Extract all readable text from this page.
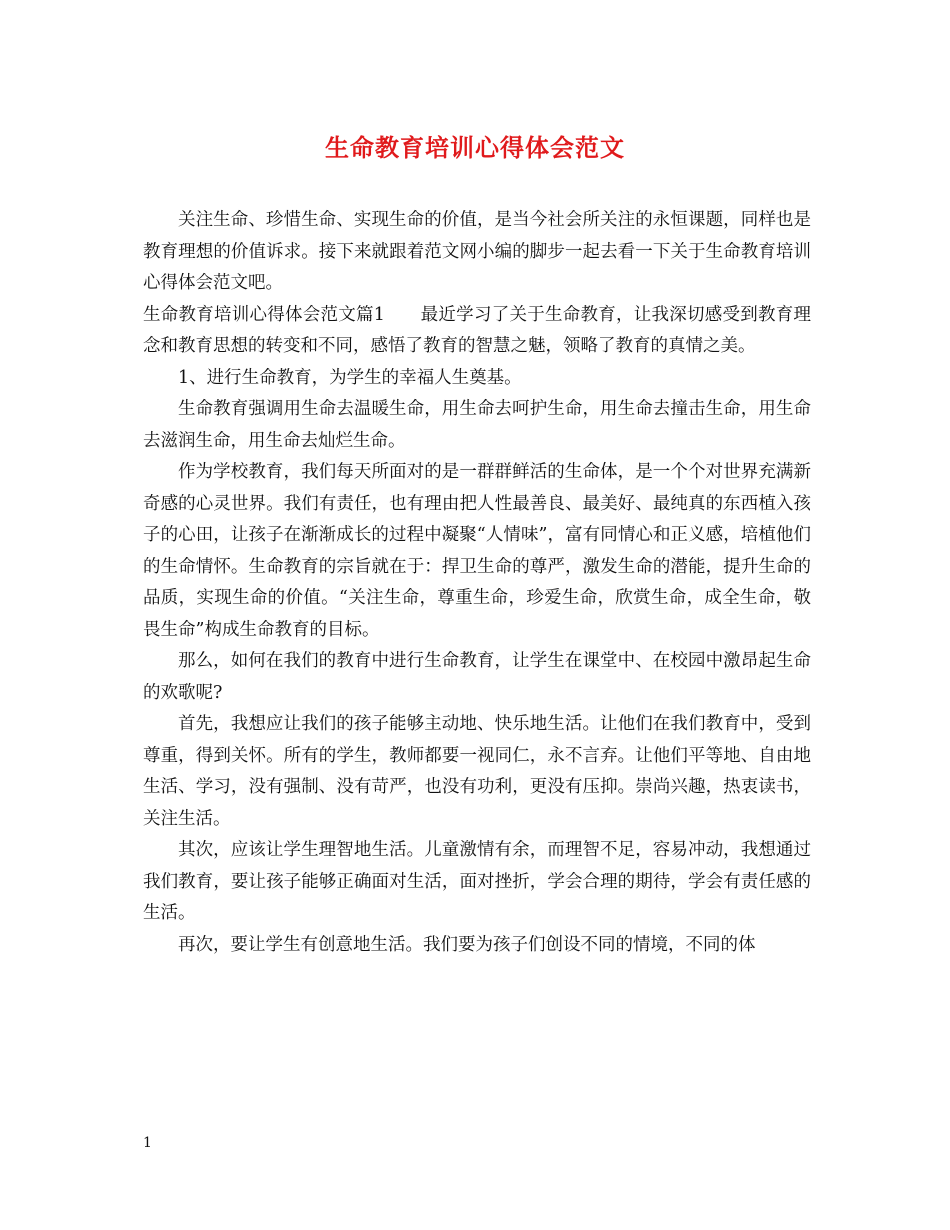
生命教育培训心得体会范文

关注生命、珍惜生命、实现生命的价值，是当今社会所关注的永恒课题，同样也是教育理想的价值诉求。接下来就跟着范文网小编的脚步一起去看一下关于生命教育培训心得体会范文吧。

生命教育培训心得体会范文篇1　　最近学习了关于生命教育，让我深切感受到教育理念和教育思想的转变和不同，感悟了教育的智慧之魅，领略了教育的真情之美。

1、进行生命教育，为学生的幸福人生奠基。

生命教育强调用生命去温暖生命，用生命去呵护生命，用生命去撞击生命，用生命去滋润生命，用生命去灿烂生命。

作为学校教育，我们每天所面对的是一群群鲜活的生命体，是一个个对世界充满新奇感的心灵世界。我们有责任，也有理由把人性最善良、最美好、最纯真的东西植入孩子的心田，让孩子在渐渐成长的过程中凝聚“人情味”，富有同情心和正义感，培植他们的生命情怀。生命教育的宗旨就在于：捍卫生命的尊严，激发生命的潜能，提升生命的品质，实现生命的价值。“关注生命，尊重生命，珍爱生命，欣赏生命，成全生命，敬畏生命”构成生命教育的目标。

那么，如何在我们的教育中进行生命教育，让学生在课堂中、在校园中激昂起生命的欢歌呢?

首先，我想应让我们的孩子能够主动地、快乐地生活。让他们在我们教育中，受到尊重，得到关怀。所有的学生，教师都要一视同仁，永不言弃。让他们平等地、自由地生活、学习，没有强制、没有苛严，也没有功利，更没有压抑。崇尚兴趣，热衷读书，关注生活。

其次，应该让学生理智地生活。儿童激情有余，而理智不足，容易冲动，我想通过我们教育，要让孩子能够正确面对生活，面对挫折，学会合理的期待，学会有责任感的生活。

再次，要让学生有创意地生活。我们要为孩子们创设不同的情境，不同的体

1
